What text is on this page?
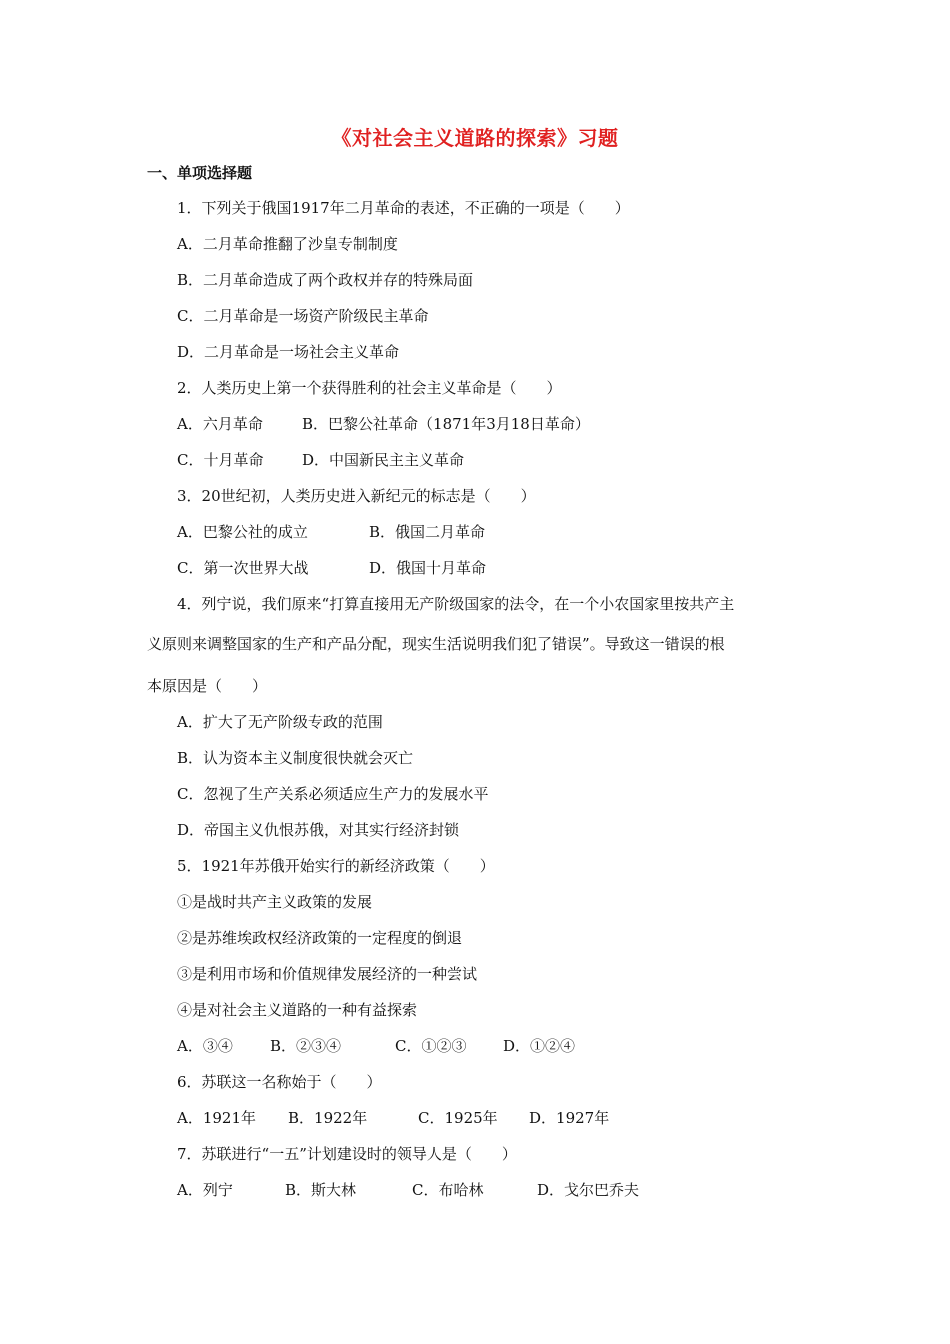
《对社会主义道路的探索》习题
一、单项选择题
1．下列关于俄国1917年二月革命的表述，不正确的一项是（　　）
A．二月革命推翻了沙皇专制制度
B．二月革命造成了两个政权并存的特殊局面
C．二月革命是一场资产阶级民主革命
D．二月革命是一场社会主义革命
2．人类历史上第一个获得胜利的社会主义革命是（　　）
A．六月革命	B．巴黎公社革命（1871年3月18日革命）
C．十月革命	D．中国新民主主义革命
3．20世纪初，人类历史进入新纪元的标志是（　　）
A．巴黎公社的成立	B．俄国二月革命
C．第一次世界大战	D．俄国十月革命
4．列宁说，我们原来“打算直接用无产阶级国家的法令，在一个小农国家里按共产主
义原则来调整国家的生产和产品分配，现实生活说明我们犯了错误”。导致这一错误的根
本原因是（　　）
A．扩大了无产阶级专政的范围
B．认为资本主义制度很快就会灭亡
C．忽视了生产关系必须适应生产力的发展水平
D．帝国主义仇恨苏俄，对其实行经济封锁
5．1921年苏俄开始实行的新经济政策（　　）
①是战时共产主义政策的发展
②是苏维埃政权经济政策的一定程度的倒退
③是利用市场和价值规律发展经济的一种尝试
④是对社会主义道路的一种有益探索
A．③④ B．②③④	C．①②③ D．①②④
6．苏联这一名称始于（　　）
A．1921年 B．1922年	C．1925年 D．1927年
7．苏联进行“一五”计划建设时的领导人是（　　）
A．列宁	B．斯大林	C．布哈林	D．戈尔巴乔夫
